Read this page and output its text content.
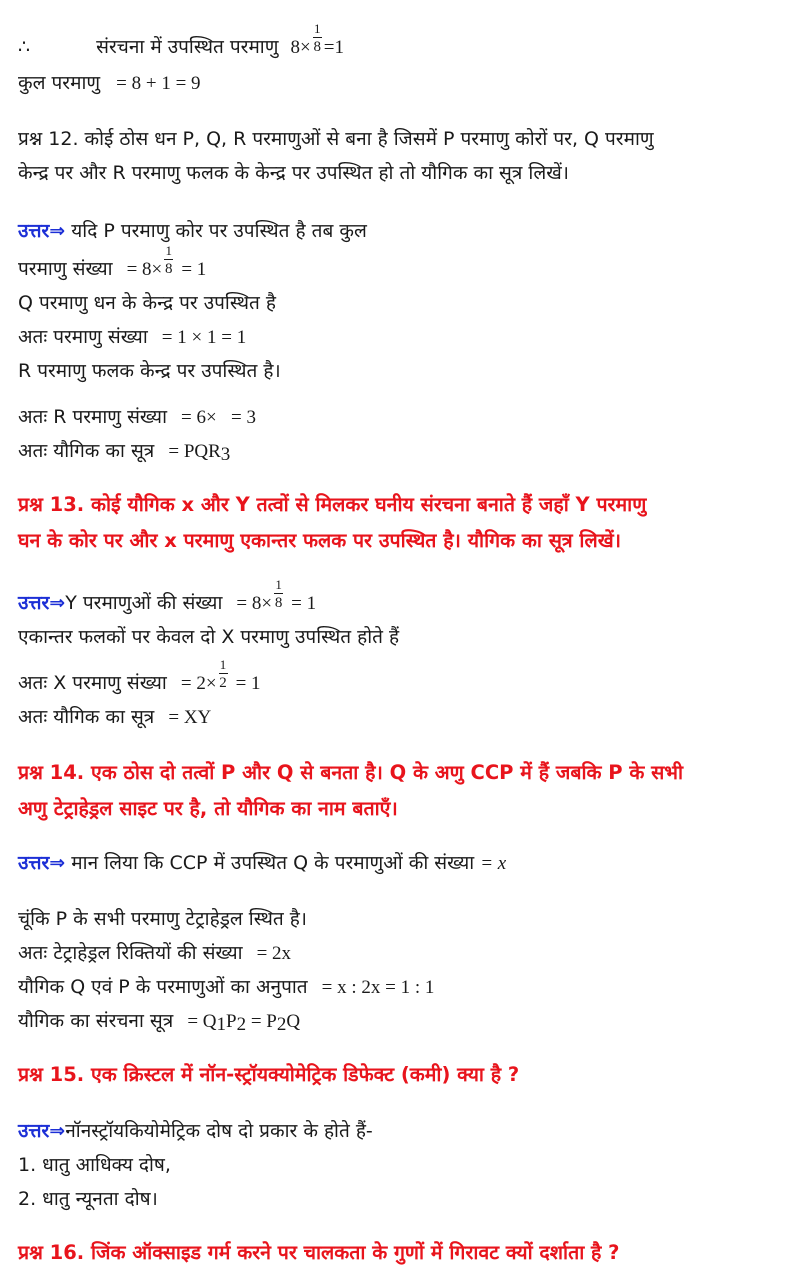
∴	संरचना में उपस्थित परमाणु $8\times \frac{1}{8} =1$
कुल परमाणु = 8 + 1 = 9
प्रश्न 12. कोई ठोस धन P, Q, R परमाणुओं से बना है जिसमें P परमाणु कोरों पर, Q परमाणु
केन्द्र पर और R परमाणु फलक के केन्द्र पर उपस्थित हो तो यौगिक का सूत्र लिखें।
उत्तर⇒ यदि P परमाणु कोर पर उपस्थित है तब कुल
परमाणु संख्या = $8\times \frac{1}{8} = 1$
Q परमाणु धन के केन्द्र पर उपस्थित है
अतः परमाणु संख्या = 1 × 1 = 1
R परमाणु फलक केन्द्र पर उपस्थित है।
अतः R परमाणु संख्या = 6×   = 3
अतः यौगिक का सूत्र = $PQR_3$
प्रश्न 13. कोई यौगिक x और Y तत्वों से मिलकर घनीय संरचना बनाते हैं जहाँ Y परमाणु
घन के कोर पर और x परमाणु एकान्तर फलक पर उपस्थित है। यौगिक का सूत्र लिखें।
उत्तर⇒Y परमाणुओं की संख्या = $8\times \frac{1}{8} = 1$
एकान्तर फलकों पर केवल दो X परमाणु उपस्थित होते हैं
अतः X परमाणु संख्या = $2\times \frac{1}{2} = 1$
अतः यौगिक का सूत्र = XY
प्रश्न 14. एक ठोस दो तत्वों P और Q से बनता है। Q के अणु CCP में हैं जबकि P के सभी
अणु टेट्राहेड्रल साइट पर है, तो यौगिक का नाम बताएँ।
उत्तर⇒ मान लिया कि CCP में उपस्थित Q के परमाणुओं की संख्या = x
चूंकि P के सभी परमाणु टेट्राहेड्रल स्थित है।
अतः टेट्राहेड्रल रिक्तियों की संख्या = 2x
यौगिक Q एवं P के परमाणुओं का अनुपात = x : 2x = 1 : 1
यौगिक का संरचना सूत्र = $Q_1P_2 = P_2Q$
प्रश्न 15. एक क्रिस्टल में नॉन-स्ट्रॉयक्योमेट्रिक डिफेक्ट (कमी) क्या है ?
उत्तर⇒नॉनस्ट्रॉयकियोमेट्रिक दोष दो प्रकार के होते हैं-
1. धातु आधिक्य दोष,
2. धातु न्यूनता दोष।
प्रश्न 16. जिंक ऑक्साइड गर्म करने पर चालकता के गुणों में गिरावट क्यों दर्शाता है ?
